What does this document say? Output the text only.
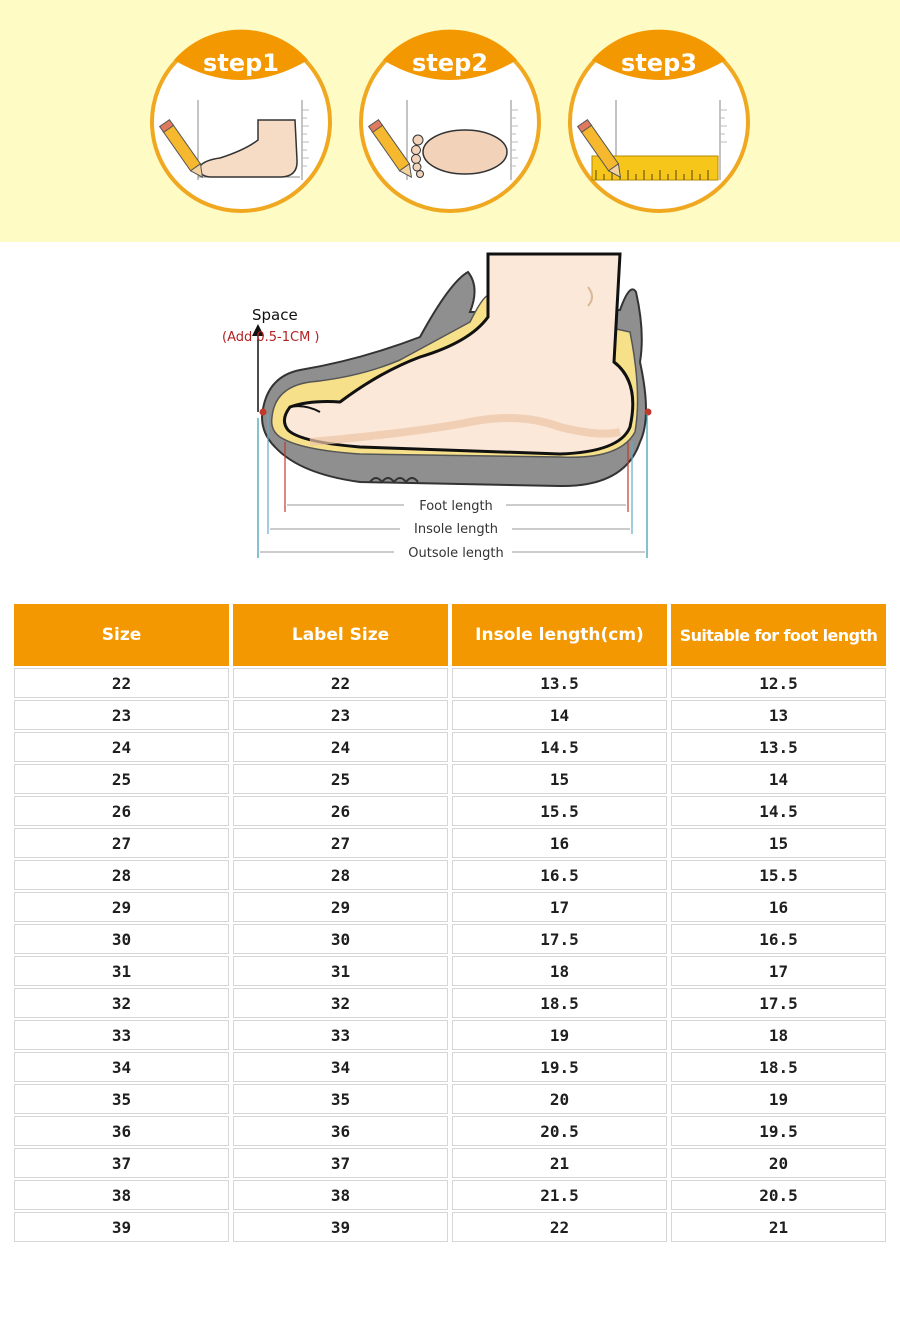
step1	step2	step3
Space
(Add 0.5-1CM )
Foot length
Insole length
Outsole length
Size	Label Size	Insole length(cm)	Suitable for foot length
22	22	13.5	12.5
23	23	14	13
24	24	14.5	13.5
25	25	15	14
26	26	15.5	14.5
27	27	16	15
28	28	16.5	15.5
29	29	17	16
30	30	17.5	16.5
31	31	18	17
32	32	18.5	17.5
33	33	19	18
34	34	19.5	18.5
35	35	20	19
36	36	20.5	19.5
37	37	21	20
38	38	21.5	20.5
39	39	22	21
